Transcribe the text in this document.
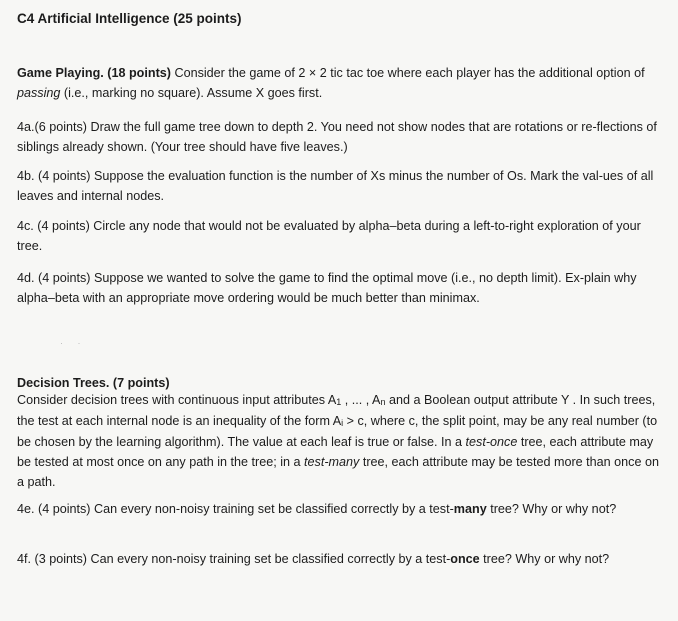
C4 Artificial Intelligence (25 points)
Game Playing. (18 points) Consider the game of 2 × 2 tic tac toe where each player has the additional option of passing (i.e., marking no square). Assume X goes first.
4a.(6 points) Draw the full game tree down to depth 2. You need not show nodes that are rotations or re-flections of siblings already shown. (Your tree should have five leaves.)
4b. (4 points) Suppose the evaluation function is the number of Xs minus the number of Os. Mark the val-ues of all leaves and internal nodes.
4c. (4 points) Circle any node that would not be evaluated by alpha–beta during a left-to-right exploration of your tree.
4d. (4 points) Suppose we wanted to solve the game to find the optimal move (i.e., no depth limit). Ex-plain why alpha–beta with an appropriate move ordering would be much better than minimax.
· ·
Decision Trees. (7 points)
Consider decision trees with continuous input attributes A1 , ... , An and a Boolean output attribute Y . In such trees, the test at each internal node is an inequality of the form Ai > c, where c, the split point, may be any real number (to be chosen by the learning algorithm). The value at each leaf is true or false. In a test-once tree, each attribute may be tested at most once on any path in the tree; in a test-many tree, each attribute may be tested more than once on a path.
4e. (4 points) Can every non-noisy training set be classified correctly by a test-many tree? Why or why not?
4f. (3 points) Can every non-noisy training set be classified correctly by a test-once tree? Why or why not?
